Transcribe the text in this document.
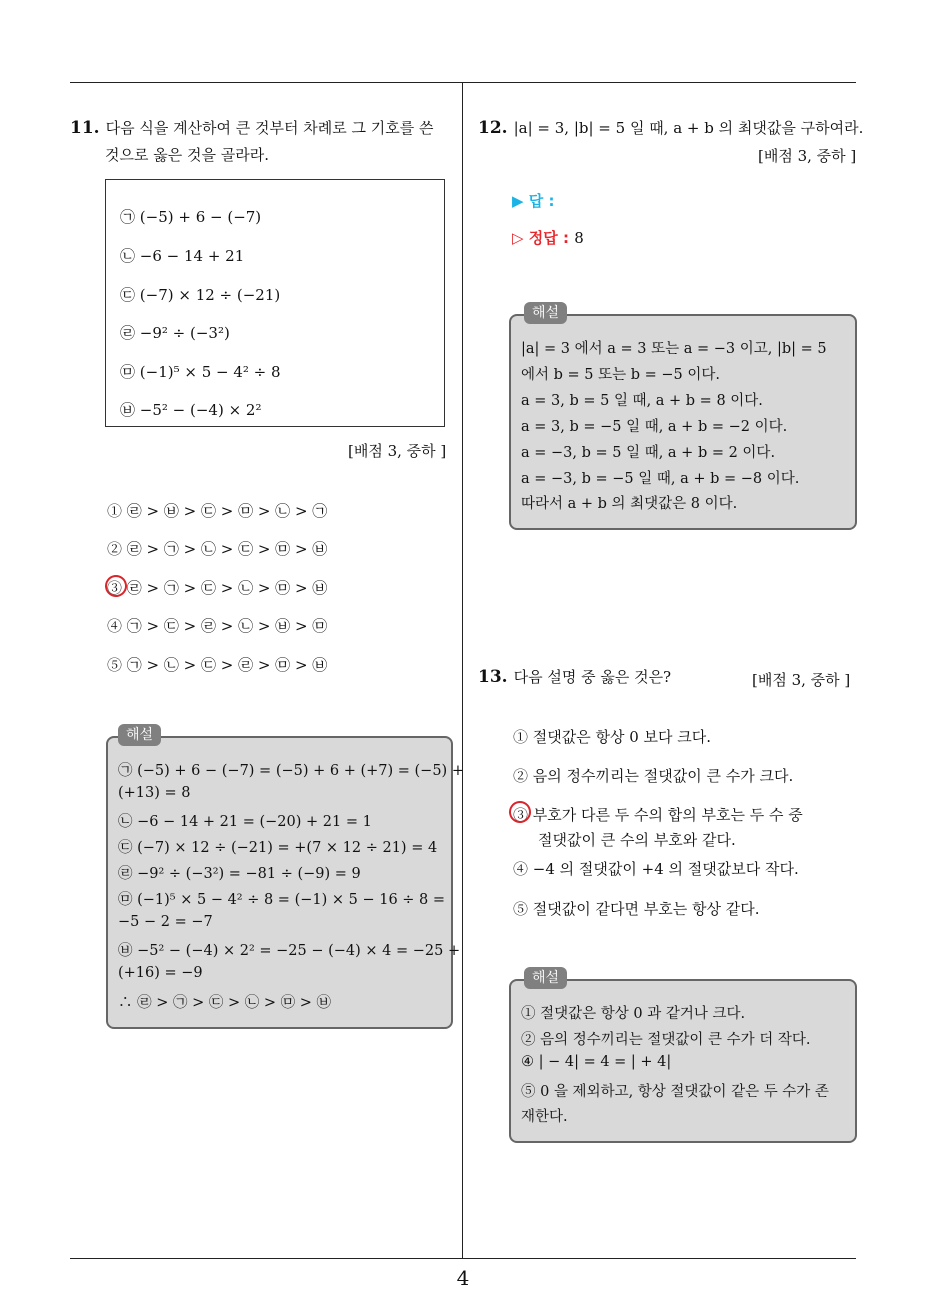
11. 다음 식을 계산하여 큰 것부터 차례로 그 기호를 쓴
것으로 옳은 것을 골라라.
㉠ (−5) + 6 − (−7)
㉡ −6 − 14 + 21
㉢ (−7) × 12 ÷ (−21)
㉣ −9² ÷ (−3²)
㉤ (−1)⁵ × 5 − 4² ÷ 8
㉥ −5² − (−4) × 2²
[배점 3, 중하 ]
① ㉣ > ㉥ > ㉢ > ㉤ > ㉡ > ㉠
② ㉣ > ㉠ > ㉡ > ㉢ > ㉤ > ㉥
③ ㉣ > ㉠ > ㉢ > ㉡ > ㉤ > ㉥
④ ㉠ > ㉢ > ㉣ > ㉡ > ㉥ > ㉤
⑤ ㉠ > ㉡ > ㉢ > ㉣ > ㉤ > ㉥
㉠ (−5) + 6 − (−7) = (−5) + 6 + (+7) = (−5) +
(+13) = 8
㉡ −6 − 14 + 21 = (−20) + 21 = 1
㉢ (−7) × 12 ÷ (−21) = +(7 × 12 ÷ 21) = 4
㉣ −9² ÷ (−3²) = −81 ÷ (−9) = 9
㉤ (−1)⁵ × 5 − 4² ÷ 8 = (−1) × 5 − 16 ÷ 8 =
−5 − 2 = −7
㉥ −5² − (−4) × 2² = −25 − (−4) × 4 = −25 +
(+16) = −9
∴ ㉣ > ㉠ > ㉢ > ㉡ > ㉤ > ㉥
해설
12. |a| = 3, |b| = 5 일 때, a + b 의 최댓값을 구하여라.
[배점 3, 중하 ]
▶ 답 :
▷ 정답 : 8
|a| = 3 에서 a = 3 또는 a = −3 이고, |b| = 5
에서 b = 5 또는 b = −5 이다.
a = 3, b = 5 일 때, a + b = 8 이다.
a = 3, b = −5 일 때, a + b = −2 이다.
a = −3, b = 5 일 때, a + b = 2 이다.
a = −3, b = −5 일 때, a + b = −8 이다.
따라서 a + b 의 최댓값은 8 이다.
해설
13. 다음 설명 중 옳은 것은?	[배점 3, 중하 ]
① 절댓값은 항상 0 보다 크다.
② 음의 정수끼리는 절댓값이 큰 수가 크다.
③ 부호가 다른 두 수의 합의 부호는 두 수 중
절댓값이 큰 수의 부호와 같다.
④ −4 의 절댓값이 +4 의 절댓값보다 작다.
⑤ 절댓값이 같다면 부호는 항상 같다.
① 절댓값은 항상 0 과 같거나 크다.
② 음의 정수끼리는 절댓값이 큰 수가 더 작다.
④ | − 4| = 4 = | + 4|
⑤ 0 을 제외하고, 항상 절댓값이 같은 두 수가 존
재한다.
해설
4
